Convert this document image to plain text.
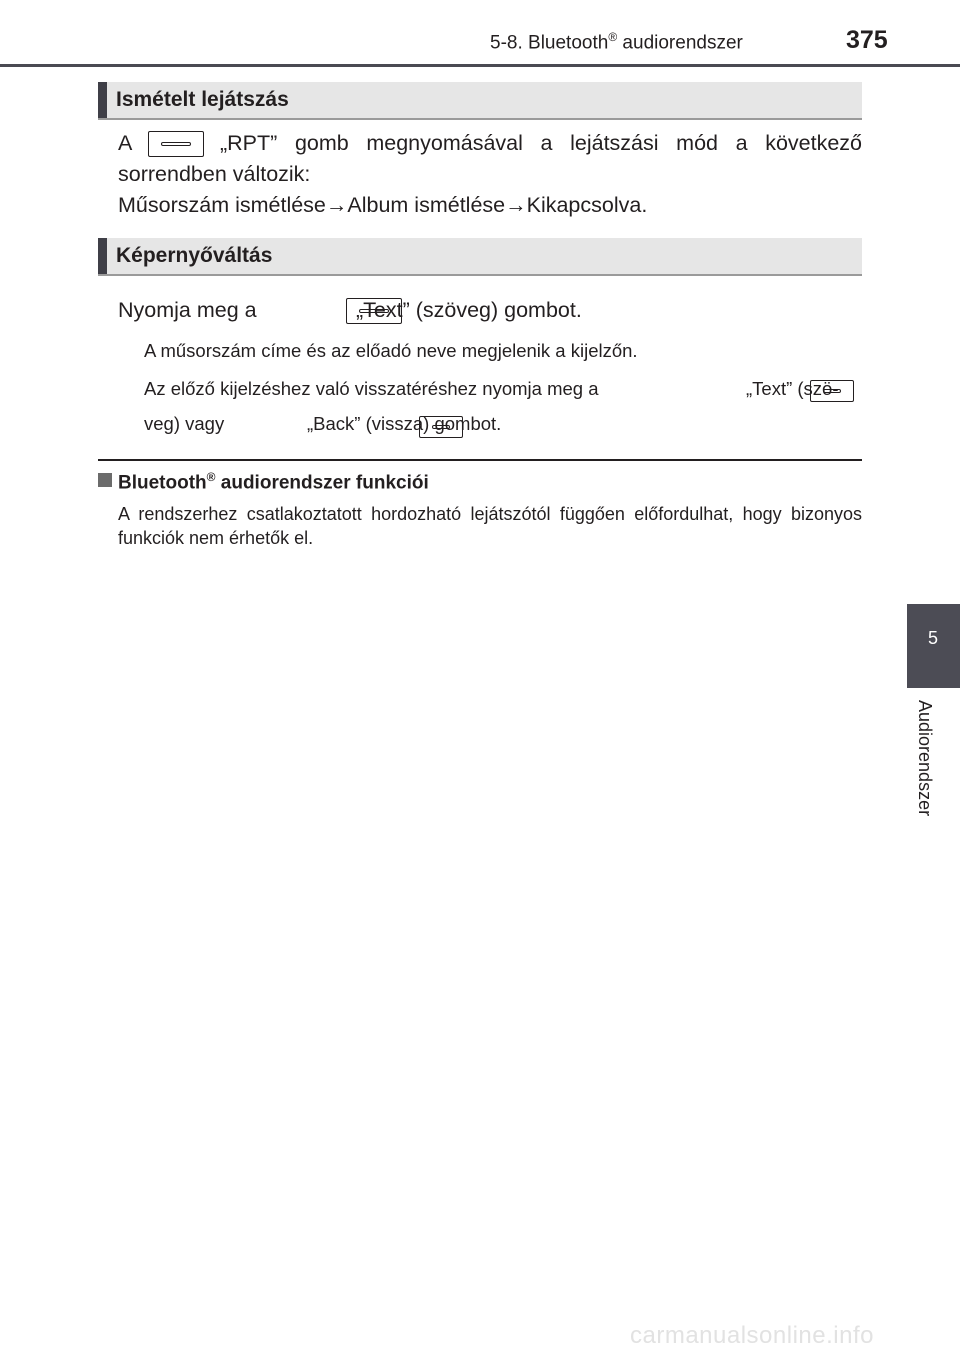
5-8. Bluetooth® audiorendszer	375
Ismételt lejátszás
A
	„RPT” gomb megnyomásával a lejátszási mód a következő
sorrendben változik:
Műsorszám ismétlése→Album ismétlése→Kikapcsolva.
Képernyőváltás
Nyomja meg a
	„Text” (szöveg) gombot.
A műsorszám címe és az előadó neve megjelenik a kijelzőn.
Az előző kijelzéshez való visszatéréshez nyomja meg a
	„Text” (szö-
veg) vagy	„Back” (vissza) gombot.
Bluetooth® audiorendszer funkciói
A rendszerhez csatlakoztatott hordozható lejátszótól függően előfordulhat, hogy bizonyos funkciók nem érhetők el.
5
Audiorendszer
carmanualsonline.info
